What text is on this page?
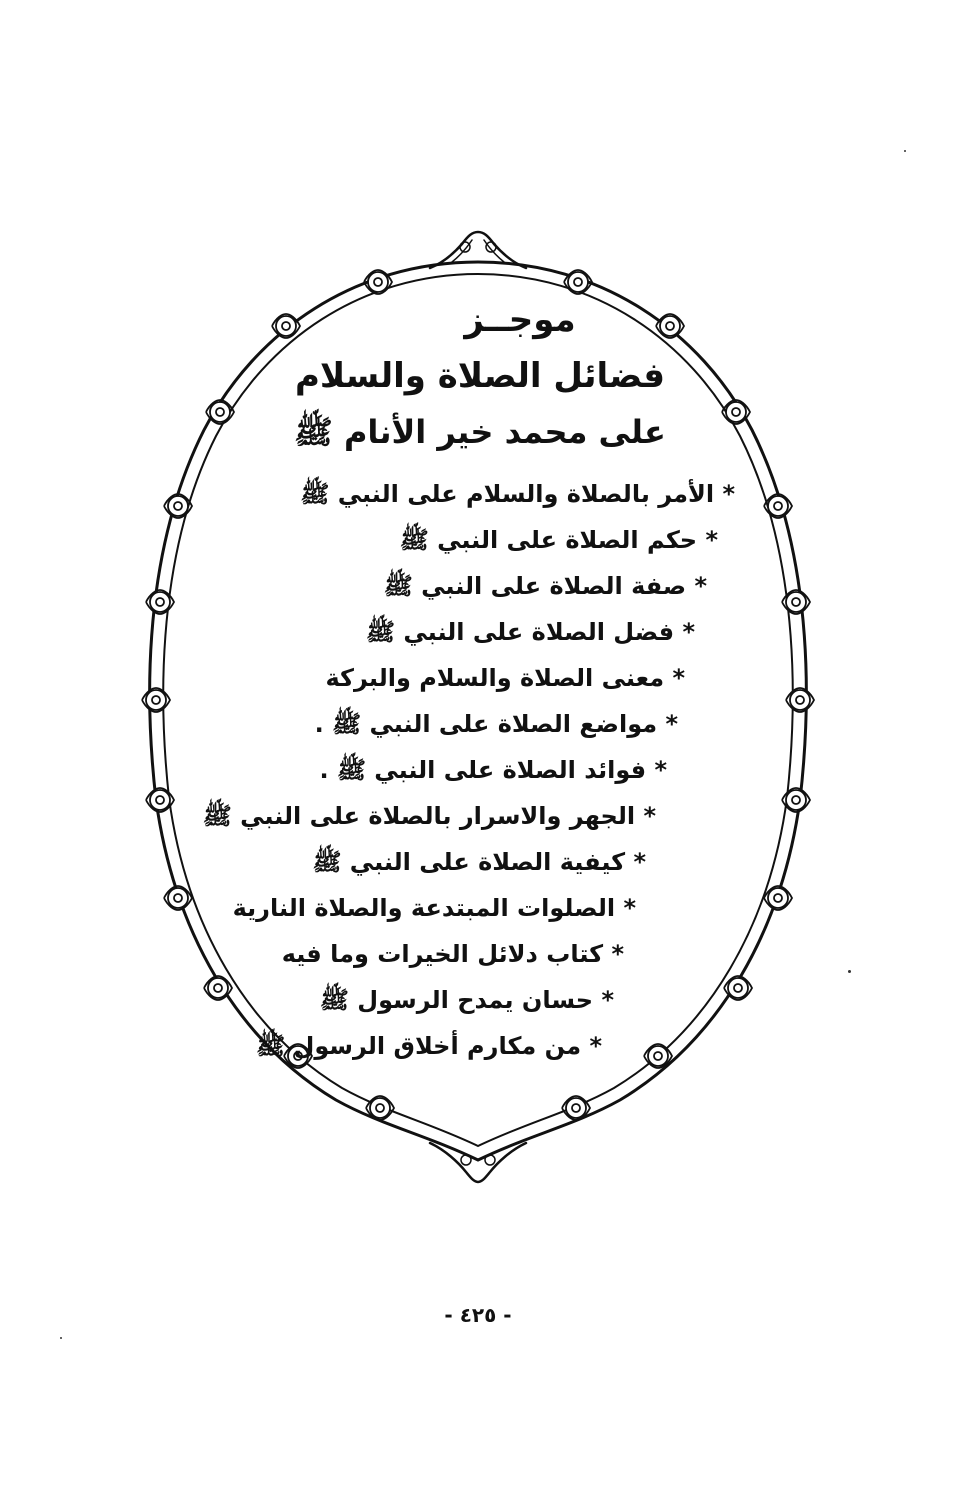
موجــز
فضائل الصلاة والسلام
على محمد خير الأنام ﷺ
* الأمر بالصلاة والسلام على النبي ﷺ
* حكم الصلاة على النبي ﷺ
* صفة الصلاة على النبي ﷺ
* فضل الصلاة على النبي ﷺ
* معنى الصلاة والسلام والبركة
* مواضع الصلاة على النبي ﷺ .
* فوائد الصلاة على النبي ﷺ .
* الجهر والاسرار بالصلاة على النبي ﷺ
* كيفية الصلاة على النبي ﷺ
* الصلوات المبتدعة والصلاة النارية
* كتاب دلائل الخيرات وما فيه
* حسان يمدح الرسول ﷺ
* من مكارم أخلاق الرسول ﷺ
- ٤٢٥ -
